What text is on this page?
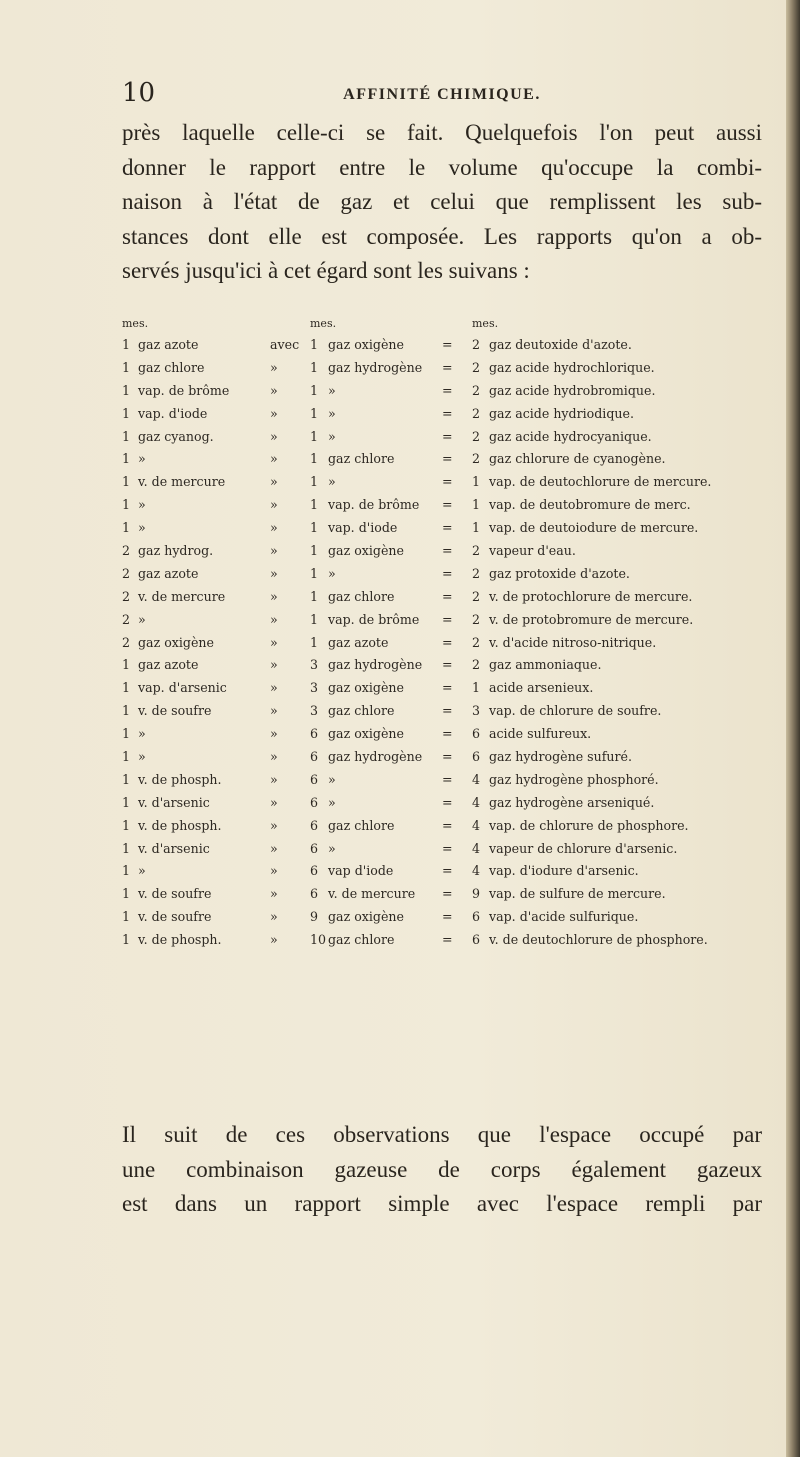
10	AFFINITÉ CHIMIQUE.

près laquelle celle-ci se fait. Quelquefois l'on peut aussi
donner le rapport entre le volume qu'occupe la combi-
naison à l'état de gaz et celui que remplissent les sub-
stances dont elle est composée. Les rapports qu'on a ob-
servés jusqu'ici à cet égard sont les suivans :

mes.	mes.	mes.
1 gaz azote	avec 1 gaz oxigène	= 2 gaz deutoxide d'azote.
1 gaz chlore	»	1 gaz hydrogène = 2 gaz acide hydrochlorique.
1 vap. de brôme	»	1 »	= 2 gaz acide hydrobromique.
1 vap. d'iode	»	1 »	= 2 gaz acide hydriodique.
1 gaz cyanog.	»	1 »	= 2 gaz acide hydrocyanique.
1 »	»	1 gaz chlore	= 2 gaz chlorure de cyanogène.
1 v. de mercure	»	1 »	= 1 vap. de deutochlorure de mercure.
1 »	»	1 vap. de brôme = 1 vap. de deutobromure de merc.
1 »	»	1 vap. d'iode	= 1 vap. de deutoiodure de mercure.
2 gaz hydrog.	»	1 gaz oxigène	= 2 vapeur d'eau.
2 gaz azote	»	1 »	= 2 gaz protoxide d'azote.
2 v. de mercure	»	1 gaz chlore	= 2 v. de protochlorure de mercure.
2 »	»	1 vap. de brôme = 2 v. de protobromure de mercure.
2 gaz oxigène	»	1 gaz azote	= 2 v. d'acide nitroso-nitrique.
1 gaz azote	»	3 gaz hydrogène = 2 gaz ammoniaque.
1 vap. d'arsenic	»	3 gaz oxigène	= 1 acide arsenieux.
1 v. de soufre	»	3 gaz chlore	= 3 vap. de chlorure de soufre.
1 »	»	6 gaz oxigène	= 6 acide sulfureux.
1 »	»	6 gaz hydrogène = 6 gaz hydrogène sufuré.
1 v. de phosph.	»	6 »	= 4 gaz hydrogène phosphoré.
1 v. d'arsenic	»	6 »	= 4 gaz hydrogène arseniqué.
1 v. de phosph.	»	6 gaz chlore	= 4 vap. de chlorure de phosphore.
1 v. d'arsenic	»	6 »	= 4 vapeur de chlorure d'arsenic.
1 »	»	6 vap d'iode	= 4 vap. d'iodure d'arsenic.
1 v. de soufre	»	6 v. de mercure = 9 vap. de sulfure de mercure.
1 v. de soufre	»	9 gaz oxigène	= 6 vap. d'acide sulfurique.
1 v. de phosph.	»	10 gaz chlore	= 6 v. de deutochlorure de phosphore.

Il suit de ces observations que l'espace occupé par
une combinaison gazeuse de corps également gazeux
est dans un rapport simple avec l'espace rempli par
